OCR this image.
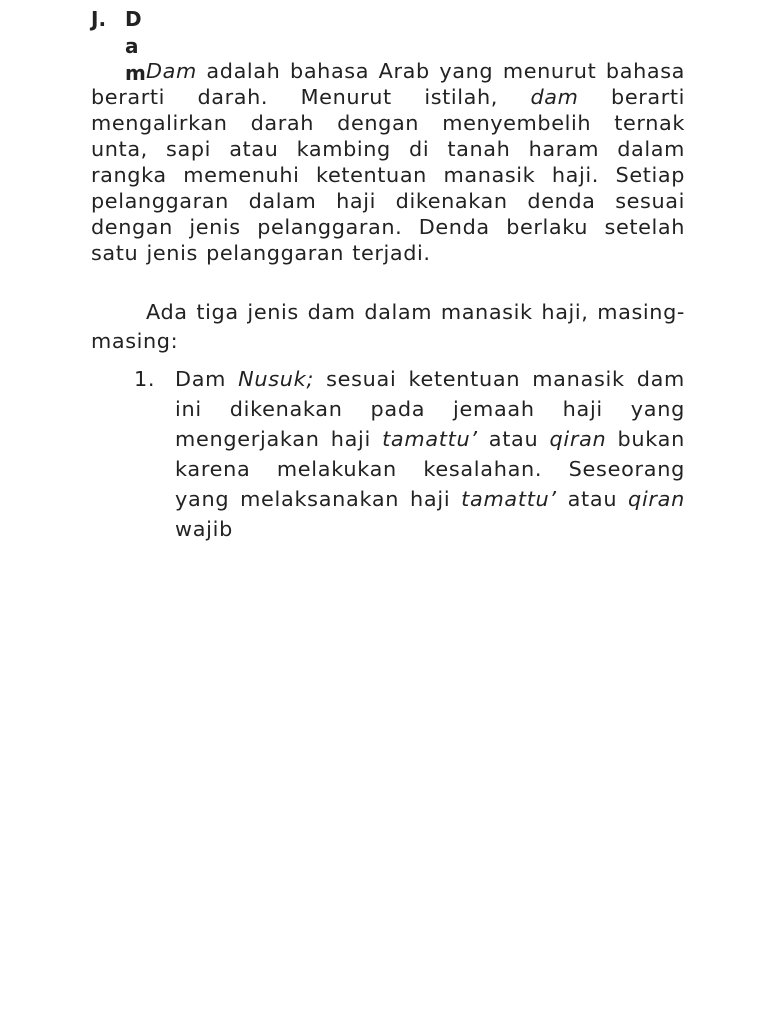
J. Dam Dam adalah bahasa Arab yang menurut bahasa berarti darah. Menurut istilah, dam berarti mengalirkan darah dengan menyembelih ternak unta, sapi atau kambing di tanah haram dalam rangka memenuhi ketentuan manasik haji. Setiap pelanggaran dalam haji dikenakan denda sesuai dengan jenis pelanggaran. Denda berlaku setelah satu jenis pelanggaran terjadi.

Ada tiga jenis dam dalam manasik haji, masing- masing:

1. Dam Nusuk; sesuai ketentuan manasik dam ini dikenakan pada jemaah haji yang mengerjakan haji tamattu’ atau qiran bukan karena melakukan kesalahan. Seseorang yang melaksanakan haji tamattu’ atau qiran wajib
